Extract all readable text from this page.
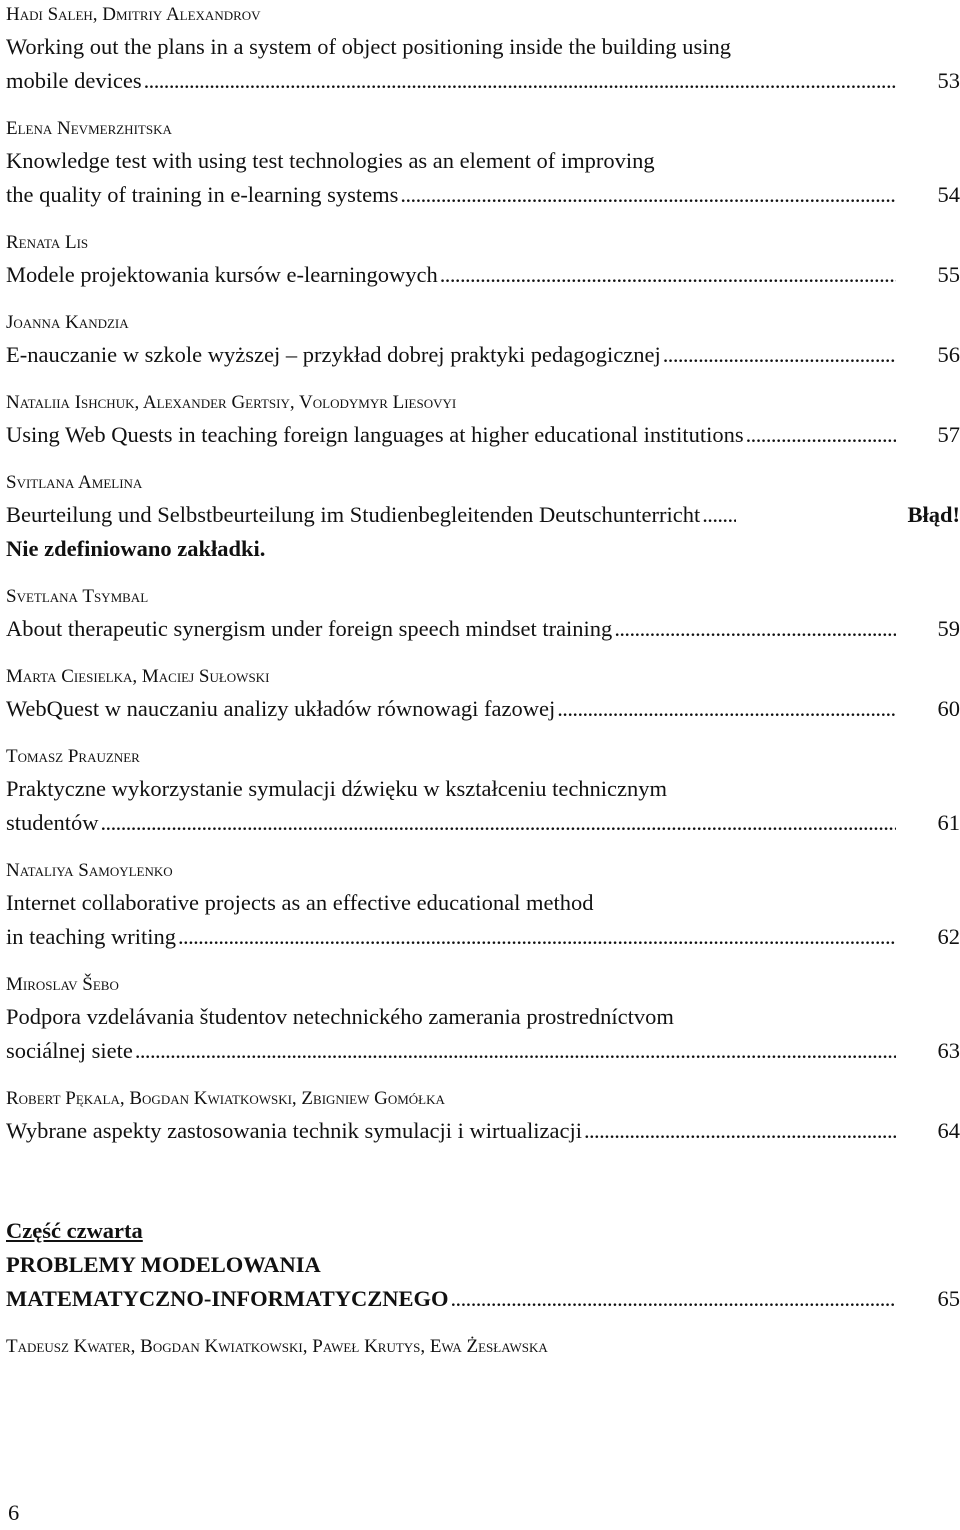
Hadi Saleh, Dmitriy Alexandrov
Working out the plans in a system of object positioning inside the building using
mobile devices . . .	53
Elena Nevmerzhitska
Knowledge test with using test technologies as an element of improving
the quality of training in e-learning systems . . .	54
Renata Lis
Modele projektowania kursów e-learningowych . . .	55
Joanna Kandzia
E-nauczanie w szkole wyższej – przykład dobrej praktyki pedagogicznej . . .	56
Nataliia Ishchuk, Alexander Gertsiy, Volodymyr Liesovyi
Using Web Quests in teaching foreign languages at higher educational institutions . . .	57
Svitlana Amelina
Beurteilung und Selbstbeurteilung im Studienbegleitenden Deutschunterricht . . .	Błąd!
Nie zdefiniowano zakładki.
Svetlana Tsymbal
About therapeutic synergism under foreign speech mindset training . . .	59
Marta Ciesielka, Maciej Sułowski
WebQuest w nauczaniu analizy układów równowagi fazowej . . .	60
Tomasz Prauzner
Praktyczne wykorzystanie symulacji dźwięku w kształceniu technicznym
studentów . . .	61
Nataliya Samoylenko
Internet collaborative projects as an effective educational method
in teaching writing . . .	62
Miroslav Šebo
Podpora vzdelávania študentov netechnického zamerania prostredníctvom
sociálnej siete . . .	63
Robert Pękala, Bogdan Kwiatkowski, Zbigniew Gomółka
Wybrane aspekty zastosowania technik symulacji i wirtualizacji . . .	64
Część czwarta
PROBLEMY MODELOWANIA
MATEMATYCZNO-INFORMATYCZNEGO . . .	65
Tadeusz Kwater, Bogdan Kwiatkowski, Paweł Krutys, Ewa Żesławska
6
